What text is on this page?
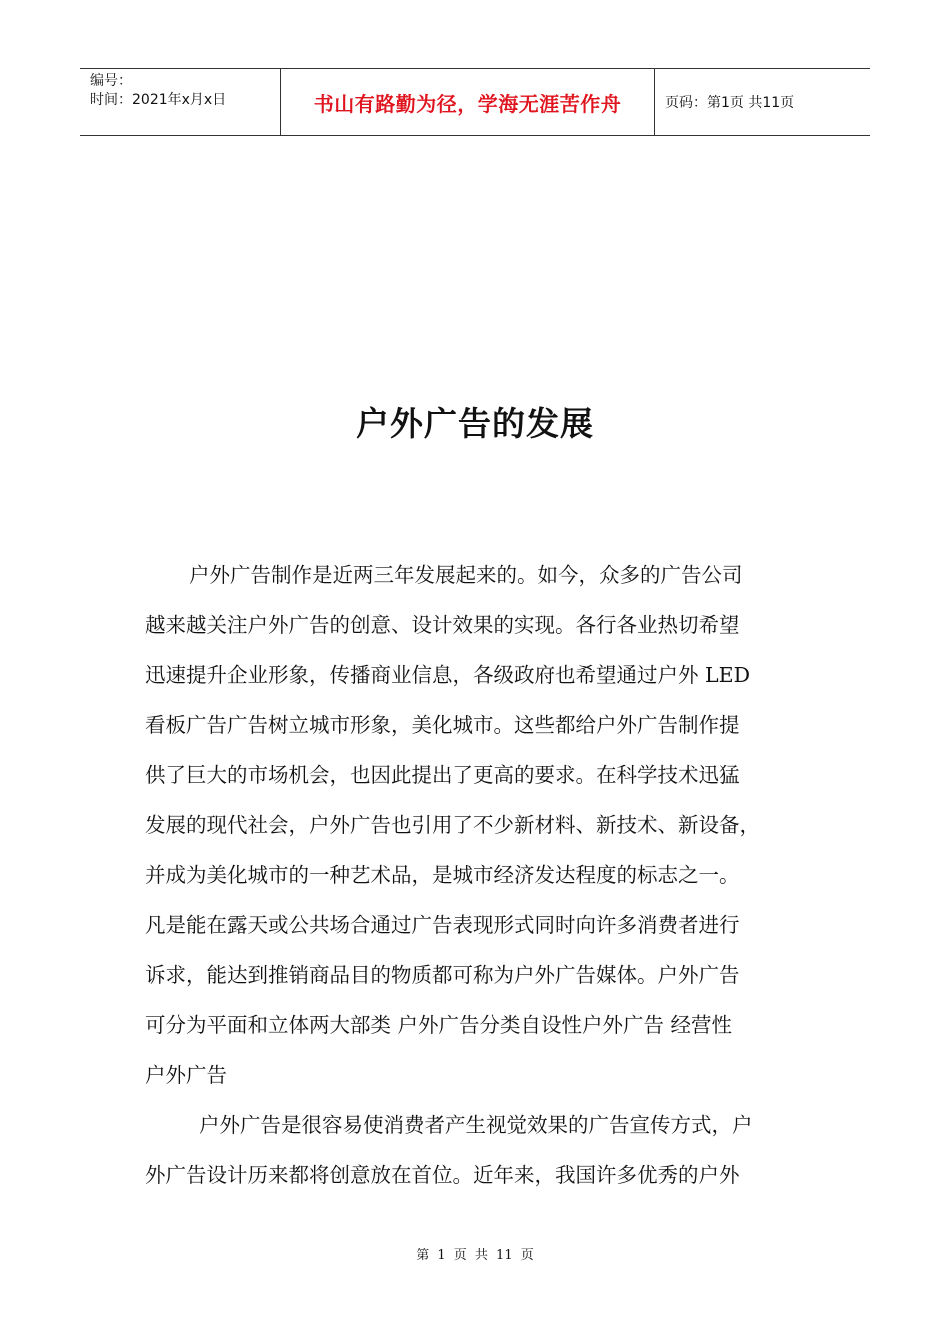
编号：
时间：2021年x月x日	书山有路勤为径，学海无涯苦作舟	页码：第1页 共11页
户外广告的发展

户外广告制作是近两三年发展起来的。如今，众多的广告公司

越来越关注户外广告的创意、设计效果的实现。各行各业热切希望

迅速提升企业形象，传播商业信息，各级政府也希望通过户外 LED

看板广告广告树立城市形象，美化城市。这些都给户外广告制作提

供了巨大的市场机会，也因此提出了更高的要求。在科学技术迅猛

发展的现代社会，户外广告也引用了不少新材料、新技术、新设备，

并成为美化城市的一种艺术品，是城市经济发达程度的标志之一。

凡是能在露天或公共场合通过广告表现形式同时向许多消费者进行

诉求，能达到推销商品目的物质都可称为户外广告媒体。户外广告

可分为平面和立体两大部类 户外广告分类自设性户外广告 经营性

户外广告

户外广告是很容易使消费者产生视觉效果的广告宣传方式，户

外广告设计历来都将创意放在首位。近年来，我国许多优秀的户外

第 1 页 共 11 页
